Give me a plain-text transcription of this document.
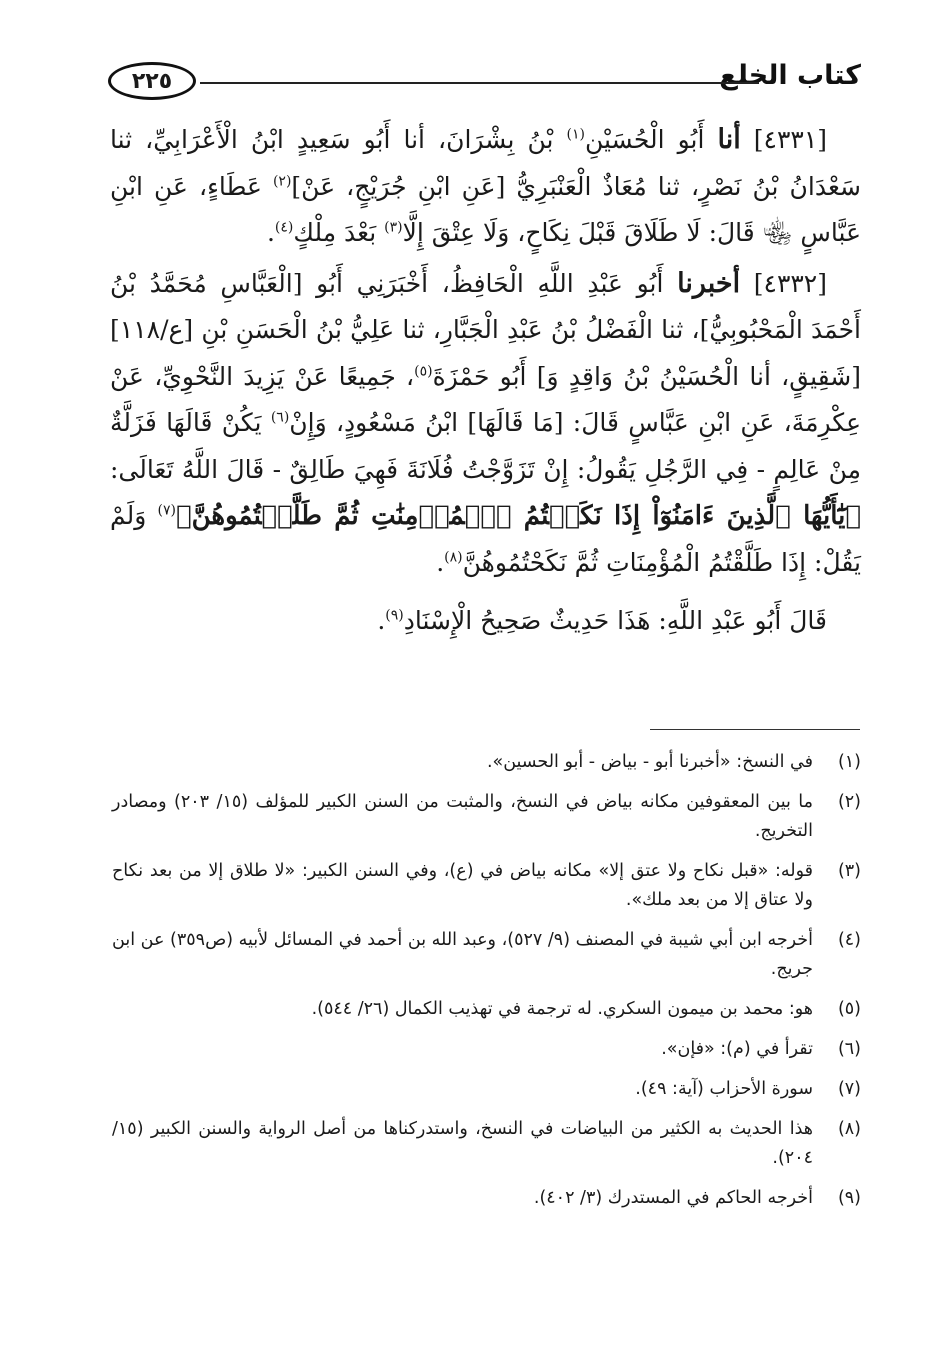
كتاب الخلع
٢٢٥

[٤٣٣١] أنا أَبُو الْحُسَيْنِ$^{(١)}$ بْنُ بِشْرَانَ، أنا أَبُو سَعِيدٍ ابْنُ الْأَعْرَابِيِّ، ثنا سَعْدَانُ بْنُ نَصْرٍ، ثنا مُعَاذٌ الْعَنْبَرِيُّ [عَنِ ابْنِ جُرَيْجٍ، عَنْ]$^{(٢)}$ عَطَاءٍ، عَنِ ابْنِ عَبَّاسٍ ﵄ قَالَ: لَا طَلَاقَ قَبْلَ نِكَاحٍ، وَلَا عِتْقَ إِلَّا$^{(٣)}$ بَعْدَ مِلْكٍ$^{(٤)}$.

[٤٣٣٢] أخبرنا أَبُو عَبْدِ اللَّهِ الْحَافِظُ، أَخْبَرَنِي أَبُو [الْعَبَّاسِ مُحَمَّدُ بْنُ أَحْمَدَ الْمَحْبُوبِيُّ]، ثنا الْفَضْلُ بْنُ عَبْدِ الْجَبَّارِ، ثنا عَلِيُّ بْنُ الْحَسَنِ بْنِ [ع/١١٨] [شَقِيقٍ، أنا الْحُسَيْنُ بْنُ وَاقِدٍ وَ] أَبُو حَمْزَةَ$^{(٥)}$، جَمِيعًا عَنْ يَزِيدَ النَّحْوِيِّ، عَنْ عِكْرِمَةَ، عَنِ ابْنِ عَبَّاسٍ قَالَ: [مَا قَالَهَا] ابْنُ مَسْعُودٍ، وَإِنْ$^{(٦)}$ يَكُنْ قَالَهَا فَزَلَّةٌ مِنْ عَالِمٍ - فِي الرَّجُلِ يَقُولُ: إِنْ تَزَوَّجْتُ فُلَانَةَ فَهِيَ طَالِقٌ - قَالَ اللَّهُ تَعَالَى: ﴿يَٰٓأَيُّهَا ٱلَّذِينَ ءَامَنُوٓاْ إِذَا نَكَحۡتُمُ ٱلۡمُؤۡمِنَٰتِ ثُمَّ طَلَّقۡتُمُوهُنَّ﴾$^{(٧)}$ وَلَمْ يَقُلْ: إِذَا طَلَّقْتُمُ الْمُؤْمِنَاتِ ثُمَّ نَكَحْتُمُوهُنَّ$^{(٨)}$.

قَالَ أَبُو عَبْدِ اللَّهِ: هَذَا حَدِيثٌ صَحِيحُ الْإِسْنَادِ$^{(٩)}$.

(١)
في النسخ: «أخبرنا أبو - بياض - أبو الحسين».
(٢)
ما بين المعقوفين مكانه بياض في النسخ، والمثبت من السنن الكبير للمؤلف (١٥/ ٢٠٣) ومصادر التخريج.
(٣)
قوله: «قبل نكاح ولا عتق إلا» مكانه بياض في (ع)، وفي السنن الكبير: «لا طلاق إلا من بعد نكاح ولا عتاق إلا من بعد ملك».
(٤)
أخرجه ابن أبي شيبة في المصنف (٩/ ٥٢٧)، وعبد الله بن أحمد في المسائل لأبيه (ص٣٥٩) عن ابن جريج.
(٥)
هو: محمد بن ميمون السكري. له ترجمة في تهذيب الكمال (٢٦/ ٥٤٤).
(٦)
تقرأ في (م): «فإن».
(٧)
سورة الأحزاب (آية: ٤٩).
(٨)
هذا الحديث به الكثير من البياضات في النسخ، واستدركناها من أصل الرواية والسنن الكبير (١٥/ ٢٠٤).
(٩)
أخرجه الحاكم في المستدرك (٣/ ٤٠٢).
